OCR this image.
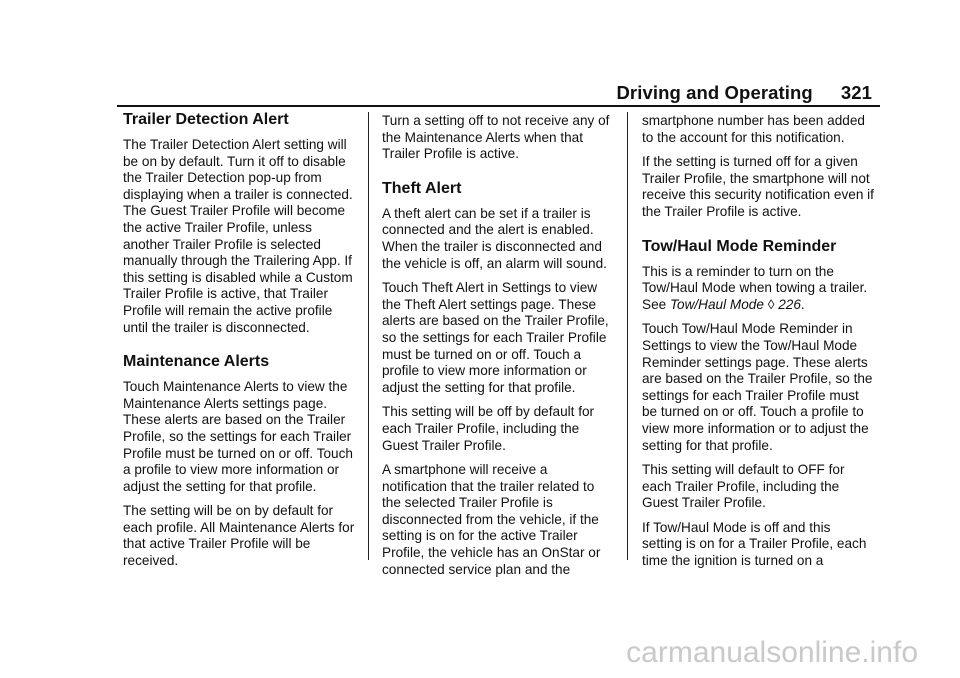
Driving and Operating 321
Trailer Detection Alert

The Trailer Detection Alert setting will be on by default. Turn it off to disable the Trailer Detection pop-up from displaying when a trailer is connected. The Guest Trailer Profile will become the active Trailer Profile, unless another Trailer Profile is selected manually through the Trailering App. If this setting is disabled while a Custom Trailer Profile is active, that Trailer Profile will remain the active profile until the trailer is disconnected.

Maintenance Alerts

Touch Maintenance Alerts to view the Maintenance Alerts settings page. These alerts are based on the Trailer Profile, so the settings for each Trailer Profile must be turned on or off. Touch a profile to view more information or adjust the setting for that profile.

The setting will be on by default for each profile. All Maintenance Alerts for that active Trailer Profile will be received.

Turn a setting off to not receive any of the Maintenance Alerts when that Trailer Profile is active.

Theft Alert

A theft alert can be set if a trailer is connected and the alert is enabled. When the trailer is disconnected and the vehicle is off, an alarm will sound.

Touch Theft Alert in Settings to view the Theft Alert settings page. These alerts are based on the Trailer Profile, so the settings for each Trailer Profile must be turned on or off. Touch a profile to view more information or adjust the setting for that profile.

This setting will be off by default for each Trailer Profile, including the Guest Trailer Profile.

A smartphone will receive a notification that the trailer related to the selected Trailer Profile is disconnected from the vehicle, if the setting is on for the active Trailer Profile, the vehicle has an OnStar or connected service plan and the

smartphone number has been added to the account for this notification.

If the setting is turned off for a given Trailer Profile, the smartphone will not receive this security notification even if the Trailer Profile is active.

Tow/Haul Mode Reminder

This is a reminder to turn on the Tow/Haul Mode when towing a trailer. See Tow/Haul Mode ◊ 226.

Touch Tow/Haul Mode Reminder in Settings to view the Tow/Haul Mode Reminder settings page. These alerts are based on the Trailer Profile, so the settings for each Trailer Profile must be turned on or off. Touch a profile to view more information or to adjust the setting for that profile.

This setting will default to OFF for each Trailer Profile, including the Guest Trailer Profile.

If Tow/Haul Mode is off and this setting is on for a Trailer Profile, each time the ignition is turned on a

carmanualsonline.info
